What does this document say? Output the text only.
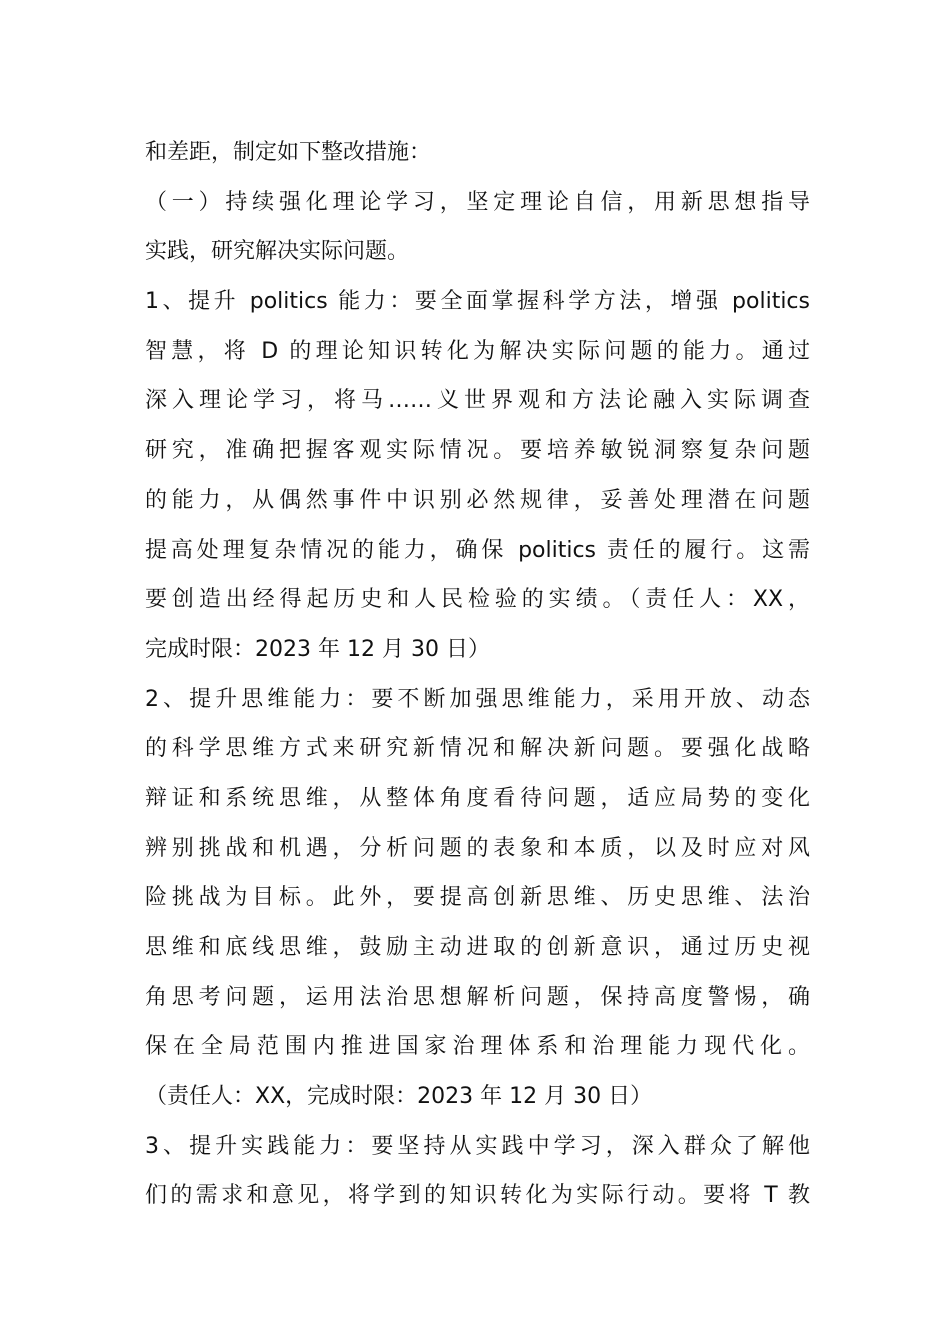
和差距，制定如下整改措施：
（一）持续强化理论学习，坚定理论自信，用新思想指导
实践，研究解决实际问题。
1、提升 politics 能力：要全面掌握科学方法，增强 politics
智慧，将 D 的理论知识转化为解决实际问题的能力。通过
深入理论学习，将马……义世界观和方法论融入实际调查
研究，准确把握客观实际情况。要培养敏锐洞察复杂问题
的能力，从偶然事件中识别必然规律，妥善处理潜在问题
提高处理复杂情况的能力，确保 politics 责任的履行。这需
要创造出经得起历史和人民检验的实绩。（责任人：XX，
完成时限：2023 年 12 月 30 日）
2、提升思维能力：要不断加强思维能力，采用开放、动态
的科学思维方式来研究新情况和解决新问题。要强化战略
辩证和系统思维，从整体角度看待问题，适应局势的变化
辨别挑战和机遇，分析问题的表象和本质，以及时应对风
险挑战为目标。此外，要提高创新思维、历史思维、法治
思维和底线思维，鼓励主动进取的创新意识，通过历史视
角思考问题，运用法治思想解析问题，保持高度警惕，确
保在全局范围内推进国家治理体系和治理能力现代化。
（责任人：XX，完成时限：2023 年 12 月 30 日）
3、提升实践能力：要坚持从实践中学习，深入群众了解他
们的需求和意见，将学到的知识转化为实际行动。要将 T 教
